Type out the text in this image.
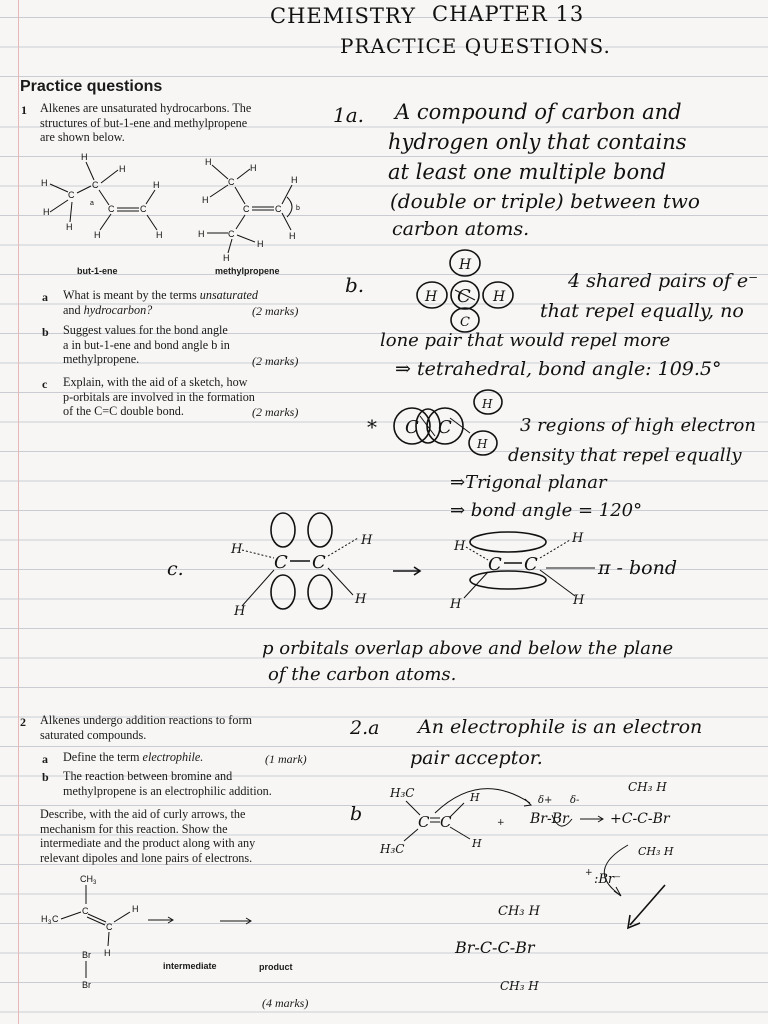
CHEMISTRY CHAPTER 13
PRACTICE QUESTIONS.
Practice questions
1 Alkenes are unsaturated hydrocarbons. The
structures of but-1-ene and methylpropene
are shown below.
H
H
H	C
C
H
a
C	C
H
H
H	H
but-1-ene
H
H
C
H
H
C	C b
H	C
H
H
H
methylpropene
a What is meant by the terms unsaturated
and hydrocarbon?	(2 marks)
b Suggest values for the bond angle
a in but-1-ene and bond angle b in
methylpropene.	(2 marks)
c Explain, with the aid of a sketch, how
p-orbitals are involved in the formation
of the C=C double bond.	(2 marks)
1a. A compound of carbon and
hydrogen only that contains
at least one multiple bond
(double or triple) between two
carbon atoms.
b.
H
H C H
C
4 shared pairs of e⁻
that repel equally, no
lone pair that would repel more
⇒ tetrahedral, bond angle: 109.5°
* C C
H
H
3 regions of high electron
density that repel equally
⇒Trigonal planar
⇒ bond angle = 120°
c.	C C
H
H
H
H
C C
H
H
H
H
π - bond
p orbitals overlap above and below the plane
of the carbon atoms.
2 Alkenes undergo addition reactions to form
saturated compounds.
a Define the term electrophile.	(1 mark)
b The reaction between bromine and
methylpropene is an electrophilic addition.
Describe, with the aid of curly arrows, the
mechanism for this reaction. Show the
intermediate and the product along with any
relevant dipoles and lone pairs of electrons.
CH 3
C
H 3 C
C
H
H
Br
Br
intermediate	product
(4 marks)
2.a An electrophile is an electron
pair acceptor.
b
H₃C
C C
H
H
H₃C
+
δ+ δ-
Br-Br
CH₃ H
+C-C-Br
CH₃ H
+ :Br⁻
CH₃ H
Br-C-C-Br
CH₃ H
